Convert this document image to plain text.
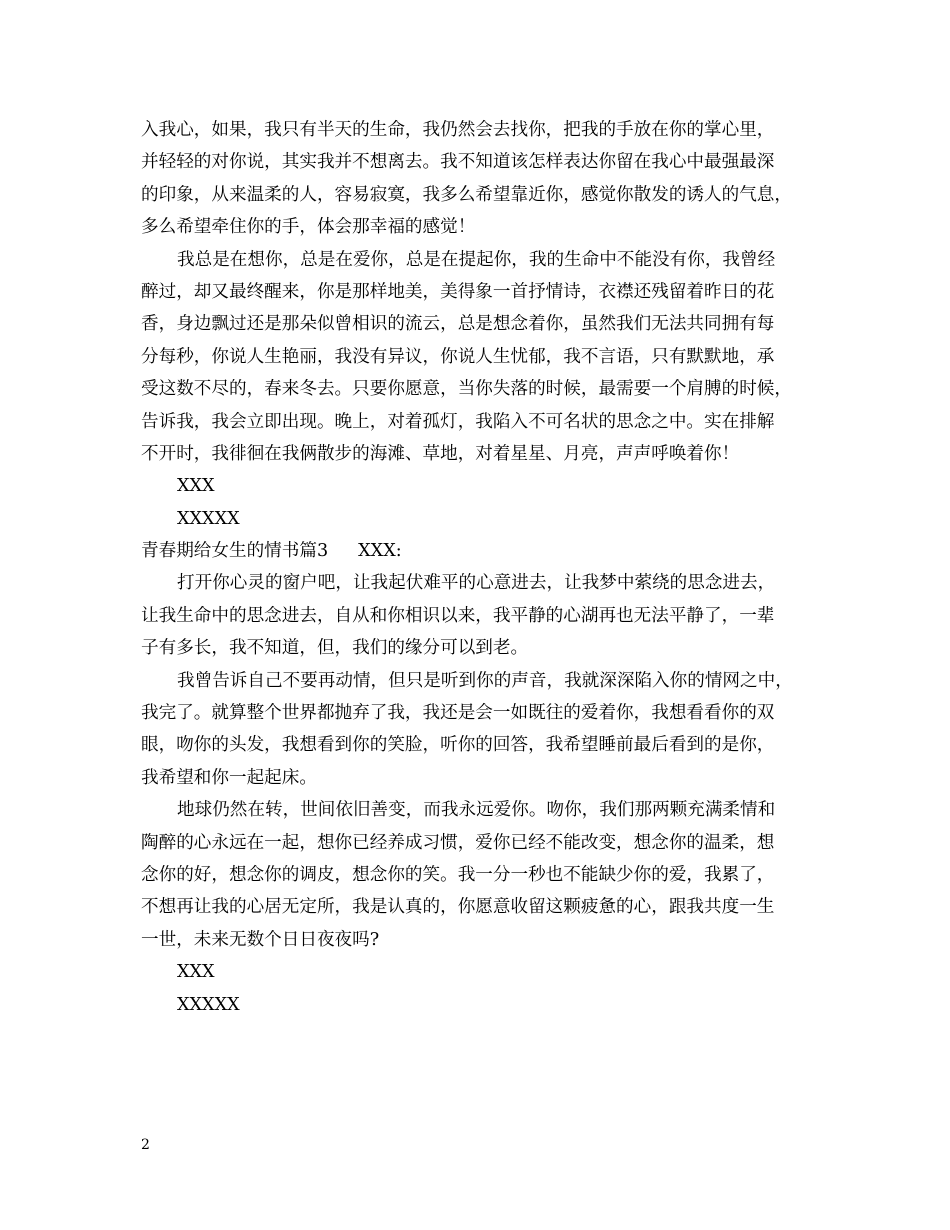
入我心，如果，我只有半天的生命，我仍然会去找你，把我的手放在你的掌心里，
并轻轻的对你说，其实我并不想离去。我不知道该怎样表达你留在我心中最强最深
的印象，从来温柔的人，容易寂寞，我多么希望靠近你，感觉你散发的诱人的气息，
多么希望牵住你的手，体会那幸福的感觉！
我总是在想你，总是在爱你，总是在提起你，我的生命中不能没有你，我曾经
醉过，却又最终醒来，你是那样地美，美得象一首抒情诗，衣襟还残留着昨日的花
香，身边飘过还是那朵似曾相识的流云，总是想念着你，虽然我们无法共同拥有每
分每秒，你说人生艳丽，我没有异议，你说人生忧郁，我不言语，只有默默地，承
受这数不尽的，春来冬去。只要你愿意，当你失落的时候，最需要一个肩膊的时候，
告诉我，我会立即出现。晚上，对着孤灯，我陷入不可名状的思念之中。实在排解
不开时，我徘徊在我俩散步的海滩、草地，对着星星、月亮，声声呼唤着你！
XXX
XXXXX
青春期给女生的情书篇3 XXX:
打开你心灵的窗户吧，让我起伏难平的心意进去，让我梦中萦绕的思念进去，
让我生命中的思念进去，自从和你相识以来，我平静的心湖再也无法平静了，一辈
子有多长，我不知道，但，我们的缘分可以到老。
我曾告诉自己不要再动情，但只是听到你的声音，我就深深陷入你的情网之中，
我完了。就算整个世界都抛弃了我，我还是会一如既往的爱着你，我想看看你的双
眼，吻你的头发，我想看到你的笑脸，听你的回答，我希望睡前最后看到的是你，
我希望和你一起起床。
地球仍然在转，世间依旧善变，而我永远爱你。吻你，我们那两颗充满柔情和
陶醉的心永远在一起，想你已经养成习惯，爱你已经不能改变，想念你的温柔，想
念你的好，想念你的调皮，想念你的笑。我一分一秒也不能缺少你的爱，我累了，
不想再让我的心居无定所，我是认真的，你愿意收留这颗疲惫的心，跟我共度一生
一世，未来无数个日日夜夜吗?
XXX
XXXXX
2
